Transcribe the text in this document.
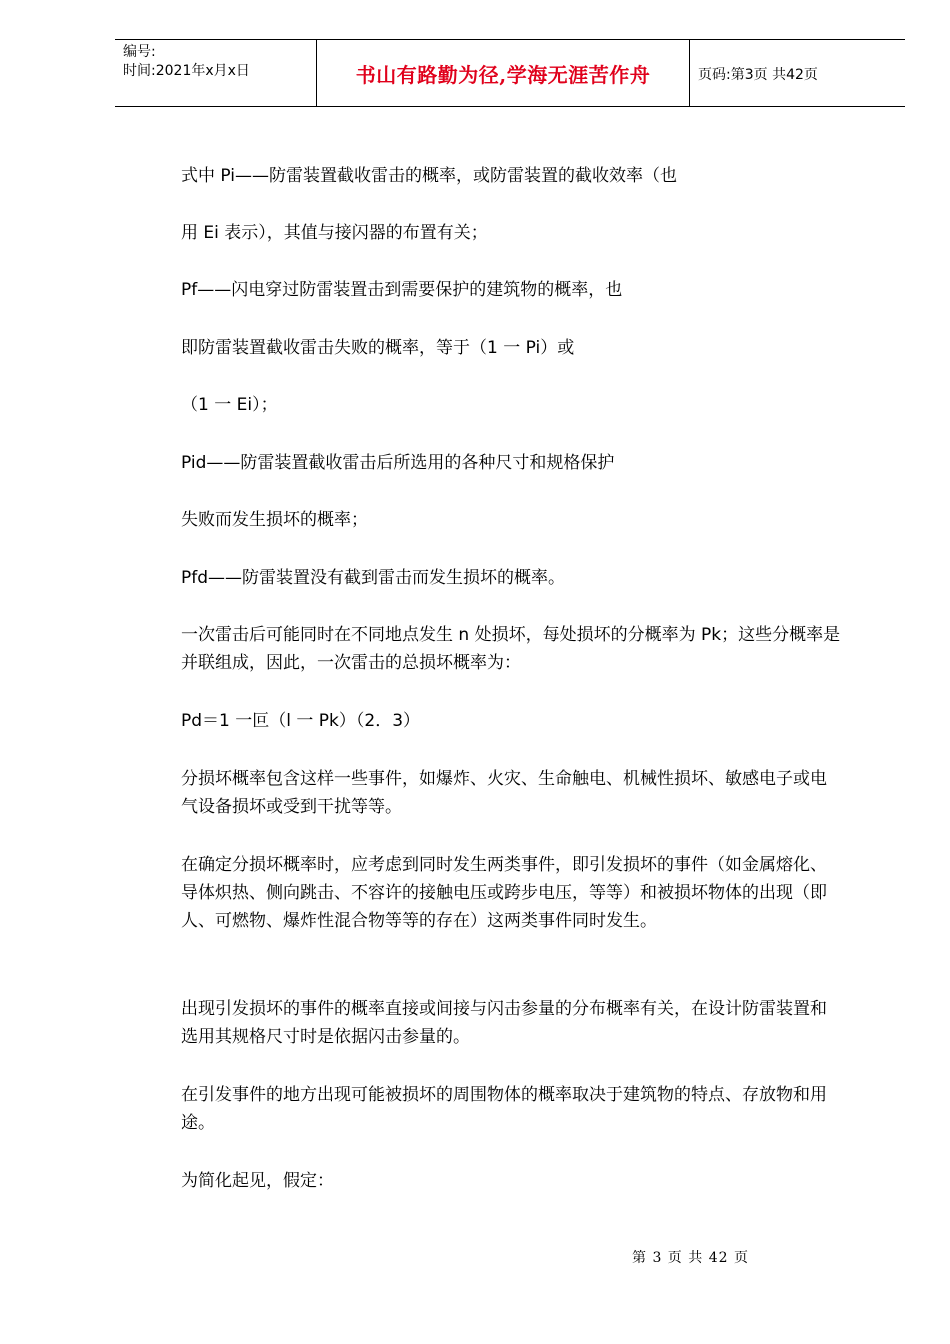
编号:
时间:2021年x月x日	书山有路勤为径,学海无涯苦作舟	页码:第3页 共42页
式中 Pi——防雷装置截收雷击的概率，或防雷装置的截收效率（也
用 Ei 表示），其值与接闪器的布置有关；
Pf——闪电穿过防雷装置击到需要保护的建筑物的概率，也
即防雷装置截收雷击失败的概率，等于（1 一 Pi）或
（1 一 Ei）；
Pid——防雷装置截收雷击后所选用的各种尺寸和规格保护
失败而发生损坏的概率；
Pfd——防雷装置没有截到雷击而发生损坏的概率。
一次雷击后可能同时在不同地点发生 n 处损坏，每处损坏的分概率为 Pk；这些分概率是并联组成，因此，一次雷击的总损坏概率为：
Pd＝1 一叵（l 一 Pk）（2．3）
分损坏概率包含这样一些事件，如爆炸、火灾、生命触电、机械性损坏、敏感电子或电气设备损坏或受到干扰等等。
在确定分损坏概率时，应考虑到同时发生两类事件，即引发损坏的事件（如金属熔化、导体炽热、侧向跳击、不容许的接触电压或跨步电压，等等）和被损坏物体的出现（即人、可燃物、爆炸性混合物等等的存在）这两类事件同时发生。
出现引发损坏的事件的概率直接或间接与闪击参量的分布概率有关，在设计防雷装置和选用其规格尺寸时是依据闪击参量的。
在引发事件的地方出现可能被损坏的周围物体的概率取决于建筑物的特点、存放物和用途。
为简化起见，假定：
第 3 页 共 42 页
